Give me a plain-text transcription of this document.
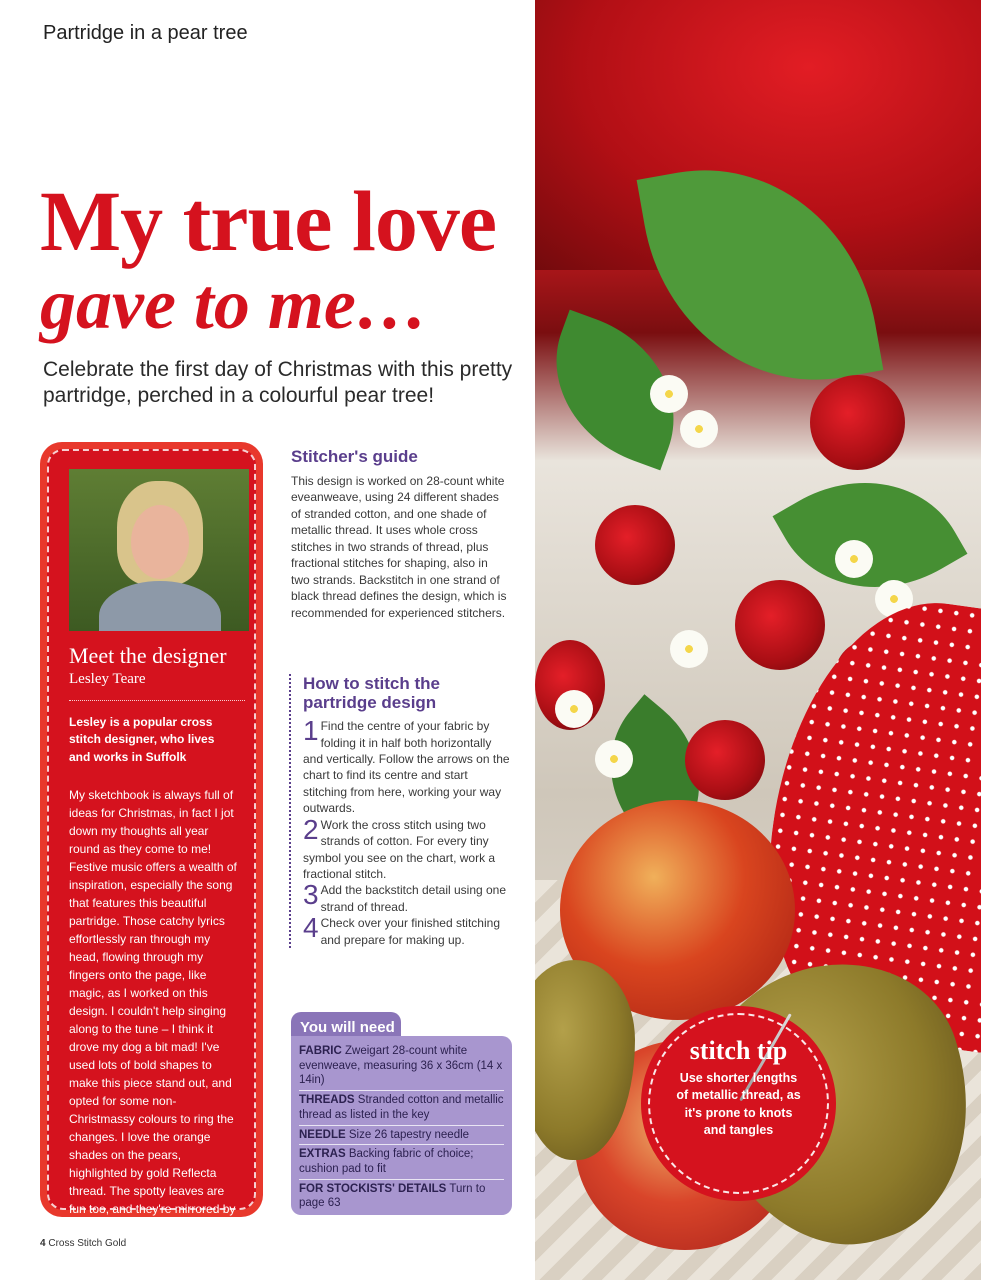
Partridge in a pear tree
My true love
gave to me…

Celebrate the first day of Christmas with this pretty partridge, perched in a colourful pear tree!

Meet the designer
Lesley Teare

Lesley is a popular cross stitch designer, who lives and works in Suffolk

My sketchbook is always full of ideas for Christmas, in fact I jot down my thoughts all year round as they come to me! Festive music offers a wealth of inspiration, especially the song that features this beautiful partridge. Those catchy lyrics effortlessly ran through my head, flowing through my fingers onto the page, like magic, as I worked on this design. I couldn't help singing along to the tune – I think it drove my dog a bit mad! I've used lots of bold shapes to make this piece stand out, and opted for some non-Christmassy colours to ring the changes. I love the orange shades on the pears, highlighted by gold Reflecta thread. The spotty leaves are fun too, and they're mirrored by the dots in the fabric border.

Stitcher's guide

This design is worked on 28-count white eveanweave, using 24 different shades of stranded cotton, and one shade of metallic thread. It uses whole cross stitches in two strands of thread, plus fractional stitches for shaping, also in two strands. Backstitch in one strand of black thread defines the design, which is recommended for experienced stitchers.

How to stitch the partridge design
1 Find the centre of your fabric by folding it in half both horizontally and vertically. Follow the arrows on the chart to find its centre and start stitching from here, working your way outwards.
2 Work the cross stitch using two strands of cotton. For every tiny symbol you see on the chart, work a fractional stitch.
3 Add the backstitch detail using one strand of thread.
4 Check over your finished stitching and prepare for making up.
You will need
FABRIC Zweigart 28-count white evenweave, measuring 36 x 36cm (14 x 14in)
THREADS Stranded cotton and metallic thread as listed in the key
NEEDLE Size 26 tapestry needle
EXTRAS Backing fabric of choice; cushion pad to fit
FOR STOCKISTS' DETAILS Turn to page 63
4 Cross Stitch Gold
stitch tip
Use shorter lengths of metallic thread, as it's prone to knots and tangles
